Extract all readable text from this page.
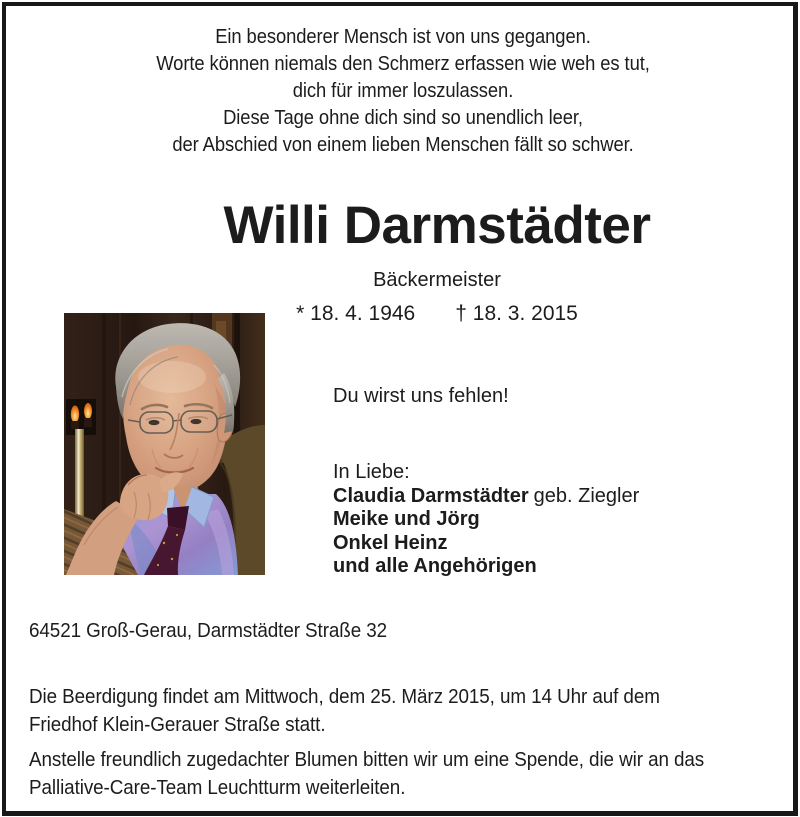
Ein besonderer Mensch ist von uns gegangen.
Worte können niemals den Schmerz erfassen wie weh es tut,
dich für immer loszulassen.
Diese Tage ohne dich sind so unendlich leer,
der Abschied von einem lieben Menschen fällt so schwer.
Willi Darmstädter
Bäckermeister
* 18. 4. 1946 † 18. 3. 2015
Du wirst uns fehlen!
In Liebe:
Claudia Darmstädter geb. Ziegler
Meike und Jörg
Onkel Heinz
und alle Angehörigen
64521 Groß-Gerau, Darmstädter Straße 32
Die Beerdigung findet am Mittwoch, dem 25. März 2015, um 14 Uhr auf dem
Friedhof Klein-Gerauer Straße statt.
Anstelle freundlich zugedachter Blumen bitten wir um eine Spende, die wir an das
Palliative-Care-Team Leuchtturm weiterleiten.
